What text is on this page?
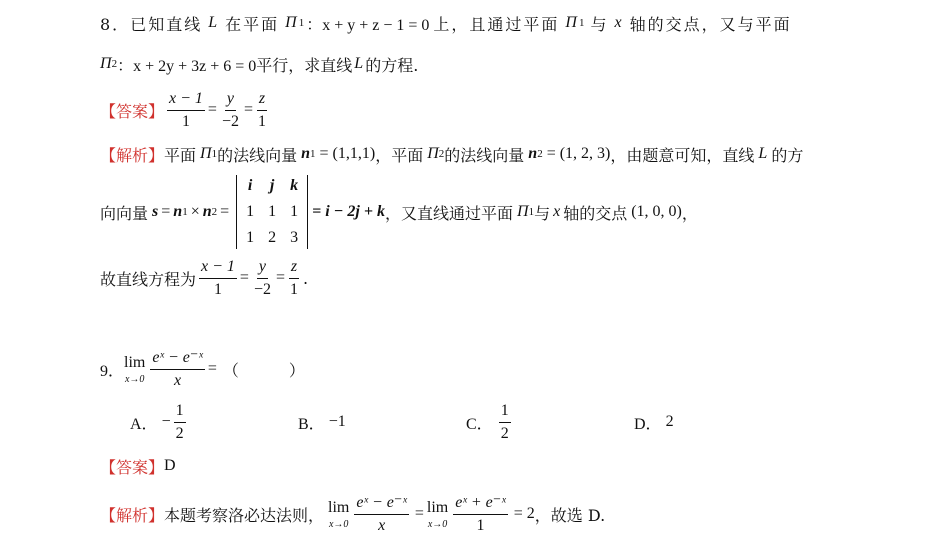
8． 已知直线 L 在平面 Π 1 ：x + y + z − 1 = 0 上，且通过平面 Π 1 与 x 轴的交点，又与平面
Π 2 ：x + 2y + 3z + 6 = 0 平行，求直线 L 的方程.
【答案】 $\frac{x - 1}{1} = \frac{y}{-2} = \frac{z}{1}$
【解析】 平面 Π 1 的法线向量 n 1 = (1,1,1) ，平面 Π 2 的法线向量 n 2 = (1, 2, 3) ，由题意可知，直线 L 的方
向向量 s = n 1 × n 2 =
i	j k
1 1 1
1 2 3
= i − 2j + k ，又直线通过平面 Π 1 与 x 轴的交点 (1, 0, 0) ，
故直线方程为 $\frac{x - 1}{1} = \frac{y}{-2} = \frac{z}{1}$ .
9．
lim
$x\to 0 \frac{\text{eˣ − e⁻ˣ}}{x}$ = （	）
A． − $\frac{1}{2}$	B． −1	C． $\frac{1}{2}$	D． 2
【答案】 D
【解析】 本题考察洛必达法则， lim
$x\to 0 \frac{\text{eˣ − e⁻ˣ}}{x} = \lim$
$x\to 0 \frac{\text{eˣ + e⁻ˣ}}{1} = 2$ ，故选 D.
